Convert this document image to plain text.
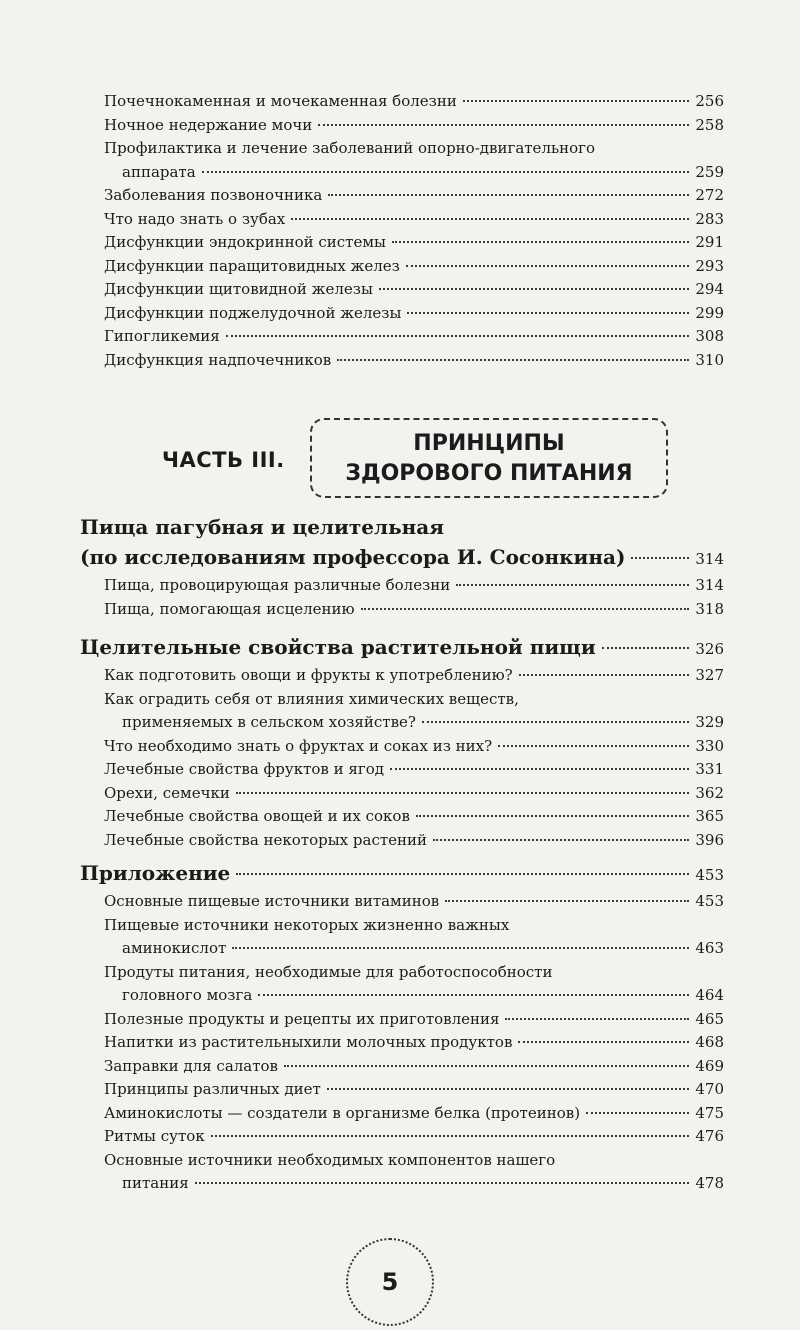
Почечнокаменная и мочекаменная болезни	256
Ночное недержание мочи	258
Профилактика и лечение заболеваний опорно-двигательного
аппарата	259
Заболевания позвоночника	272
Что надо знать о зубах	283
Дисфункции эндокринной системы	291
Дисфункции паращитовидных желез	293
Дисфункции щитовидной железы	294
Дисфункции поджелудочной железы	299
Гипогликемия	308
Дисфункция надпочечников	310
ЧАСТЬ III.
ПРИНЦИПЫ
ЗДОРОВОГО ПИТАНИЯ
Пища пагубная и целительная
(по исследованиям профессора И. Сосонкина)	314
Пища, провоцирующая различные болезни	314
Пища, помогающая исцелению	318
Целительные свойства растительной пищи	326
Как подготовить овощи и фрукты к употреблению?	327
Как оградить себя от влияния химических веществ,
применяемых в сельском хозяйстве?	329
Что необходимо знать о фруктах и соках из них?	330
Лечебные свойства фруктов и ягод	331
Орехи, семечки	362
Лечебные свойства овощей и их соков	365
Лечебные свойства некоторых растений	396
Приложение	453
Основные пищевые источники витаминов	453
Пищевые источники некоторых жизненно важных
аминокислот	463
Продуты питания, необходимые для работоспособности
головного мозга	464
Полезные продукты и рецепты их приготовления	465
Напитки из растительныхили молочных продуктов	468
Заправки для салатов	469
Принципы различных диет	470
Аминокислоты — создатели в организме белка (протеинов)	475
Ритмы суток	476
Основные источники необходимых компонентов нашего
питания	478
5
